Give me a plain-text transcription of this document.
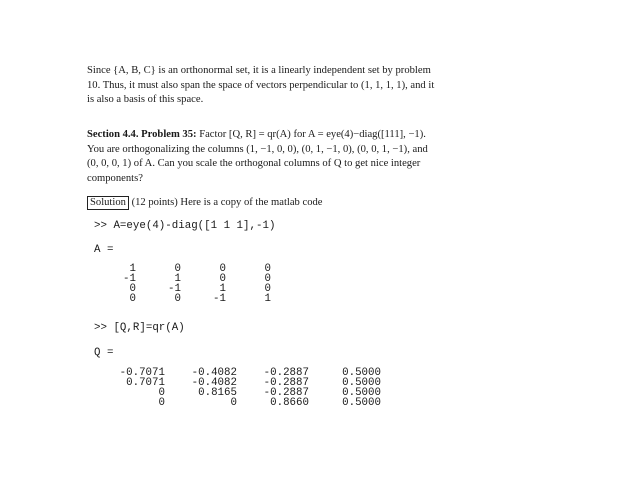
Since {A, B, C} is an orthonormal set, it is a linearly independent set by problem
10. Thus, it must also span the space of vectors perpendicular to (1, 1, 1, 1), and it
is also a basis of this space.
Section 4.4. Problem 35: Factor [Q, R] = qr(A) for A = eye(4)−diag([111], −1).
You are orthogonalizing the columns (1, −1, 0, 0), (0, 1, −1, 0), (0, 0, 1, −1), and
(0, 0, 0, 1) of A. Can you scale the orthogonal columns of Q to get nice integer
components?
Solution (12 points) Here is a copy of the matlab code
>> A=eye(4)-diag([1 1 1],-1)
A =
1	0	0	0
-1	1	0	0
0	-1	1	0
0	0	-1	1
>> [Q,R]=qr(A)
Q =
-0.7071	-0.4082	-0.2887	0.5000
0.7071	-0.4082	-0.2887	0.5000
0	0.8165	-0.2887	0.5000
0	0	0.8660	0.5000
